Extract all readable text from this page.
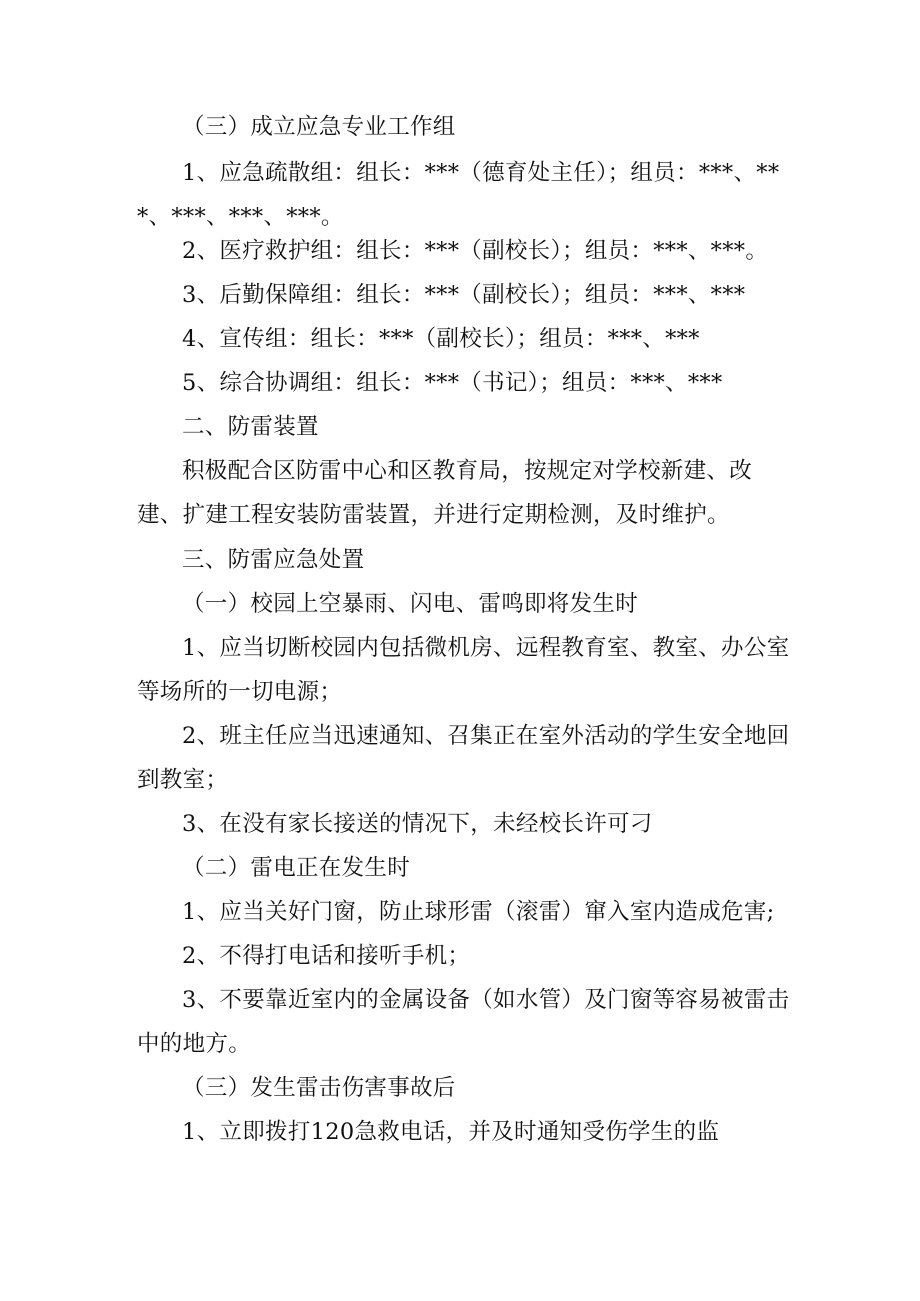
（三）成立应急专业工作组

1、应急疏散组：组长：***（德育处主任）；组员：***、***、***、***、***。

2、医疗救护组：组长：***（副校长）；组员：***、***。

3、后勤保障组：组长：***（副校长）；组员：***、***

4、宣传组：组长：***（副校长）；组员：***、***

5、综合协调组：组长：***（书记）；组员：***、***

二、防雷装置

积极配合区防雷中心和区教育局，按规定对学校新建、改建、扩建工程安装防雷装置，并进行定期检测，及时维护。

三、防雷应急处置

（一）校园上空暴雨、闪电、雷鸣即将发生时

1、应当切断校园内包括微机房、远程教育室、教室、办公室等场所的一切电源；

2、班主任应当迅速通知、召集正在室外活动的学生安全地回到教室；

3、在没有家长接送的情况下，未经校长许可刁

（二）雷电正在发生时

1、应当关好门窗，防止球形雷（滚雷）窜入室内造成危害;

2、不得打电话和接听手机；

3、不要靠近室内的金属设备（如水管）及门窗等容易被雷击中的地方。

（三）发生雷击伤害事故后

1、立即拨打120急救电话，并及时通知受伤学生的监
